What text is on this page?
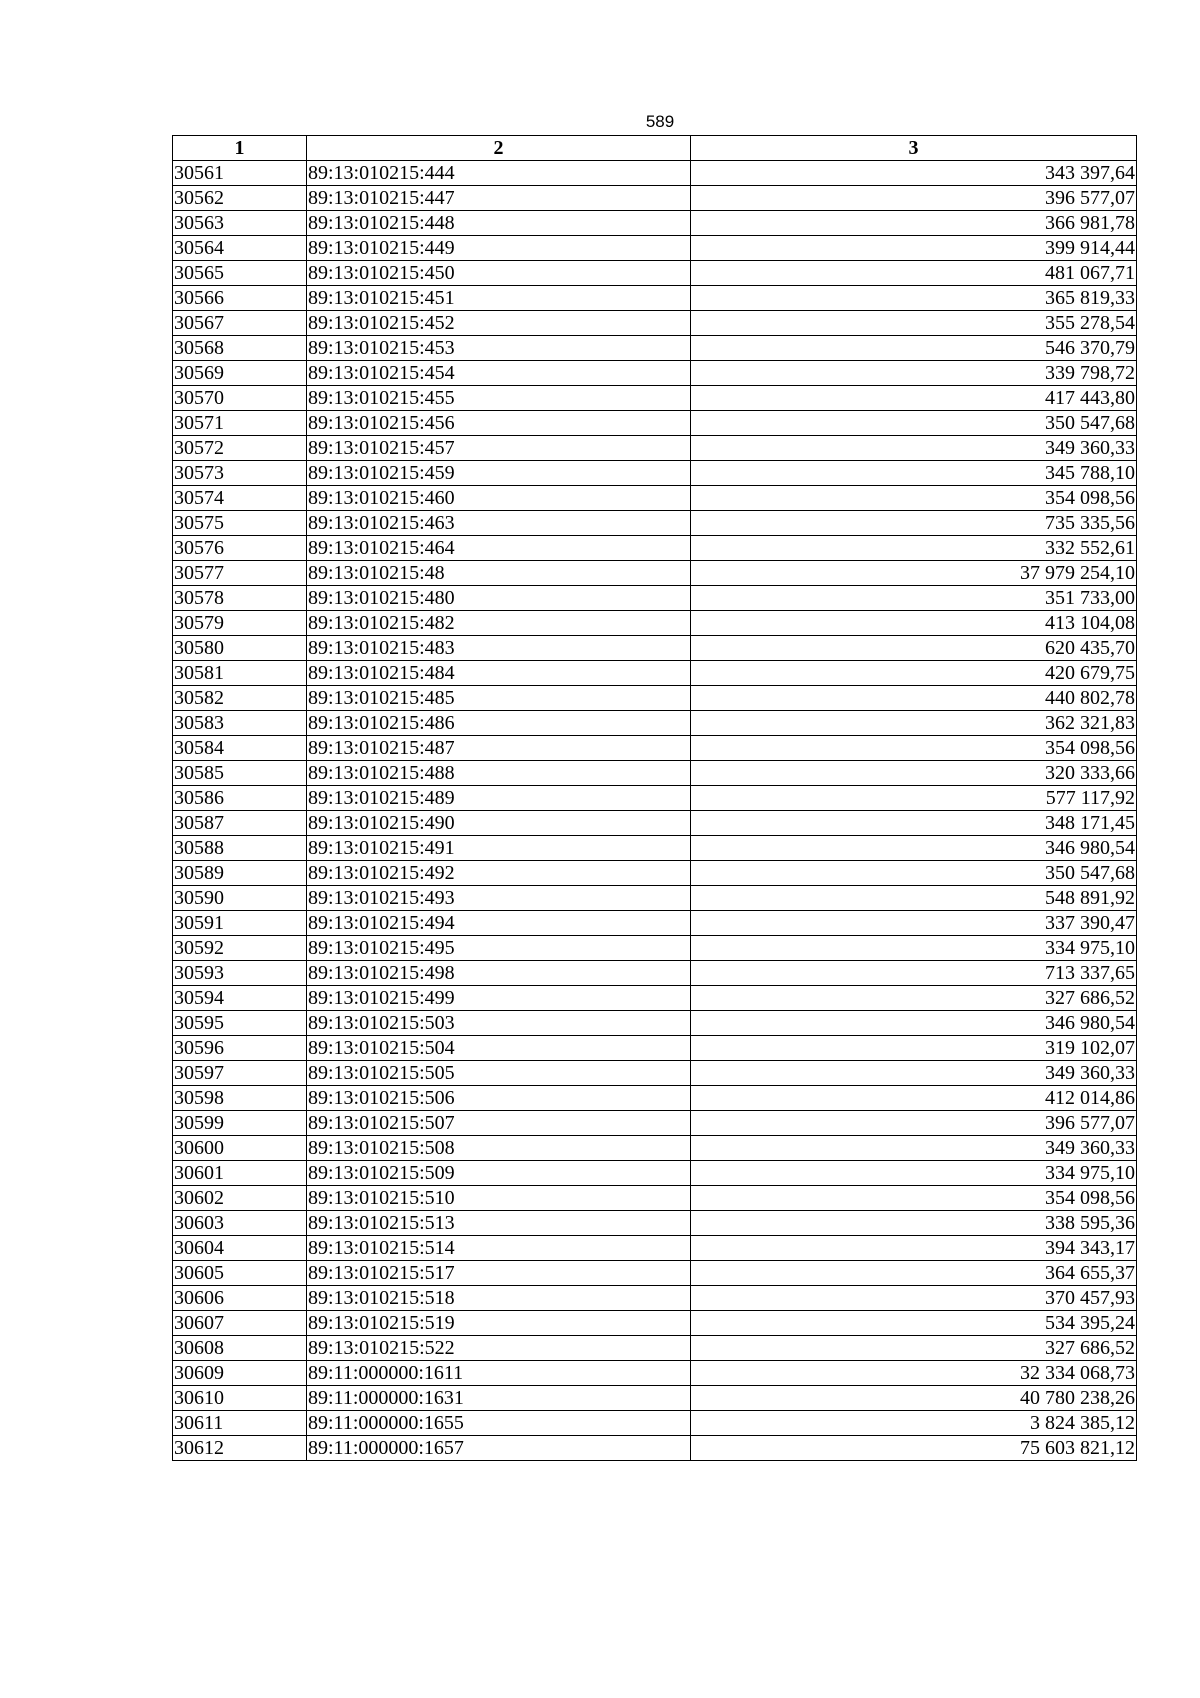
589
1	2	3
30561	89:13:010215:444	343 397,64
30562	89:13:010215:447	396 577,07
30563	89:13:010215:448	366 981,78
30564	89:13:010215:449	399 914,44
30565	89:13:010215:450	481 067,71
30566	89:13:010215:451	365 819,33
30567	89:13:010215:452	355 278,54
30568	89:13:010215:453	546 370,79
30569	89:13:010215:454	339 798,72
30570	89:13:010215:455	417 443,80
30571	89:13:010215:456	350 547,68
30572	89:13:010215:457	349 360,33
30573	89:13:010215:459	345 788,10
30574	89:13:010215:460	354 098,56
30575	89:13:010215:463	735 335,56
30576	89:13:010215:464	332 552,61
30577	89:13:010215:48	37 979 254,10
30578	89:13:010215:480	351 733,00
30579	89:13:010215:482	413 104,08
30580	89:13:010215:483	620 435,70
30581	89:13:010215:484	420 679,75
30582	89:13:010215:485	440 802,78
30583	89:13:010215:486	362 321,83
30584	89:13:010215:487	354 098,56
30585	89:13:010215:488	320 333,66
30586	89:13:010215:489	577 117,92
30587	89:13:010215:490	348 171,45
30588	89:13:010215:491	346 980,54
30589	89:13:010215:492	350 547,68
30590	89:13:010215:493	548 891,92
30591	89:13:010215:494	337 390,47
30592	89:13:010215:495	334 975,10
30593	89:13:010215:498	713 337,65
30594	89:13:010215:499	327 686,52
30595	89:13:010215:503	346 980,54
30596	89:13:010215:504	319 102,07
30597	89:13:010215:505	349 360,33
30598	89:13:010215:506	412 014,86
30599	89:13:010215:507	396 577,07
30600	89:13:010215:508	349 360,33
30601	89:13:010215:509	334 975,10
30602	89:13:010215:510	354 098,56
30603	89:13:010215:513	338 595,36
30604	89:13:010215:514	394 343,17
30605	89:13:010215:517	364 655,37
30606	89:13:010215:518	370 457,93
30607	89:13:010215:519	534 395,24
30608	89:13:010215:522	327 686,52
30609	89:11:000000:1611	32 334 068,73
30610	89:11:000000:1631	40 780 238,26
30611	89:11:000000:1655	3 824 385,12
30612	89:11:000000:1657	75 603 821,12
